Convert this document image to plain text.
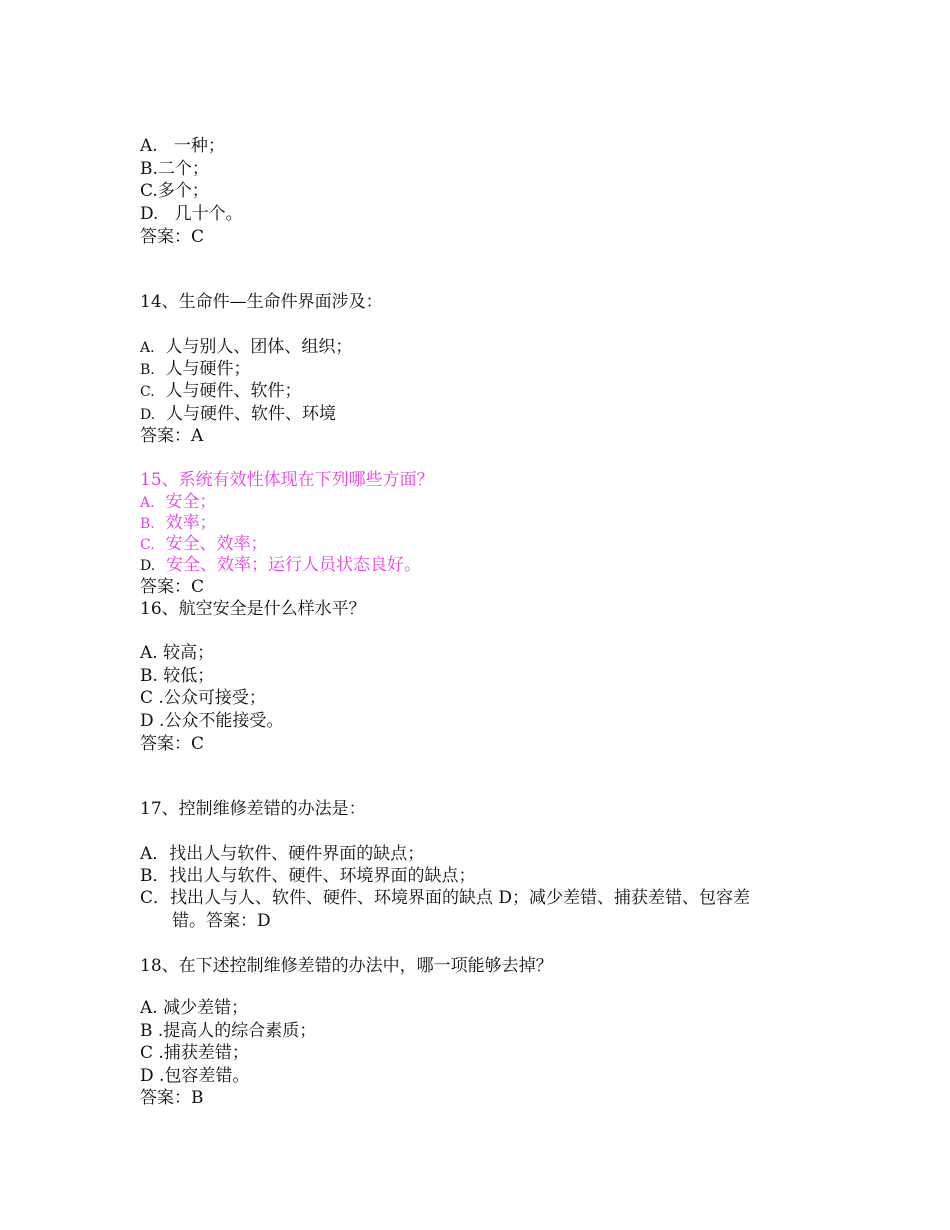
A.   一种；
B.二个；
C.多个；
D.   几十个。
答案：C
14、生命件—生命件界面涉及：
A. 人与别人、团体、组织；
B. 人与硬件；
C. 人与硬件、软件；
D. 人与硬件、软件、环境
答案：A
15、系统有效性体现在下列哪些方面？
A. 安全；
B. 效率；
C. 安全、效率；
D. 安全、效率；运行人员状态良好。
答案：C
16、航空安全是什么样水平？
A. 较高；
B. 较低；
C .公众可接受；
D .公众不能接受。
答案：C
17、控制维修差错的办法是：
A．找出人与软件、硬件界面的缺点；
B．找出人与软件、硬件、环境界面的缺点；
C．找出人与人、软件、硬件、环境界面的缺点 D；减少差错、捕获差错、包容差
错。答案：D
18、在下述控制维修差错的办法中，哪一项能够去掉？
A. 减少差错；
B .提高人的综合素质；
C .捕获差错；
D .包容差错。
答案：B
